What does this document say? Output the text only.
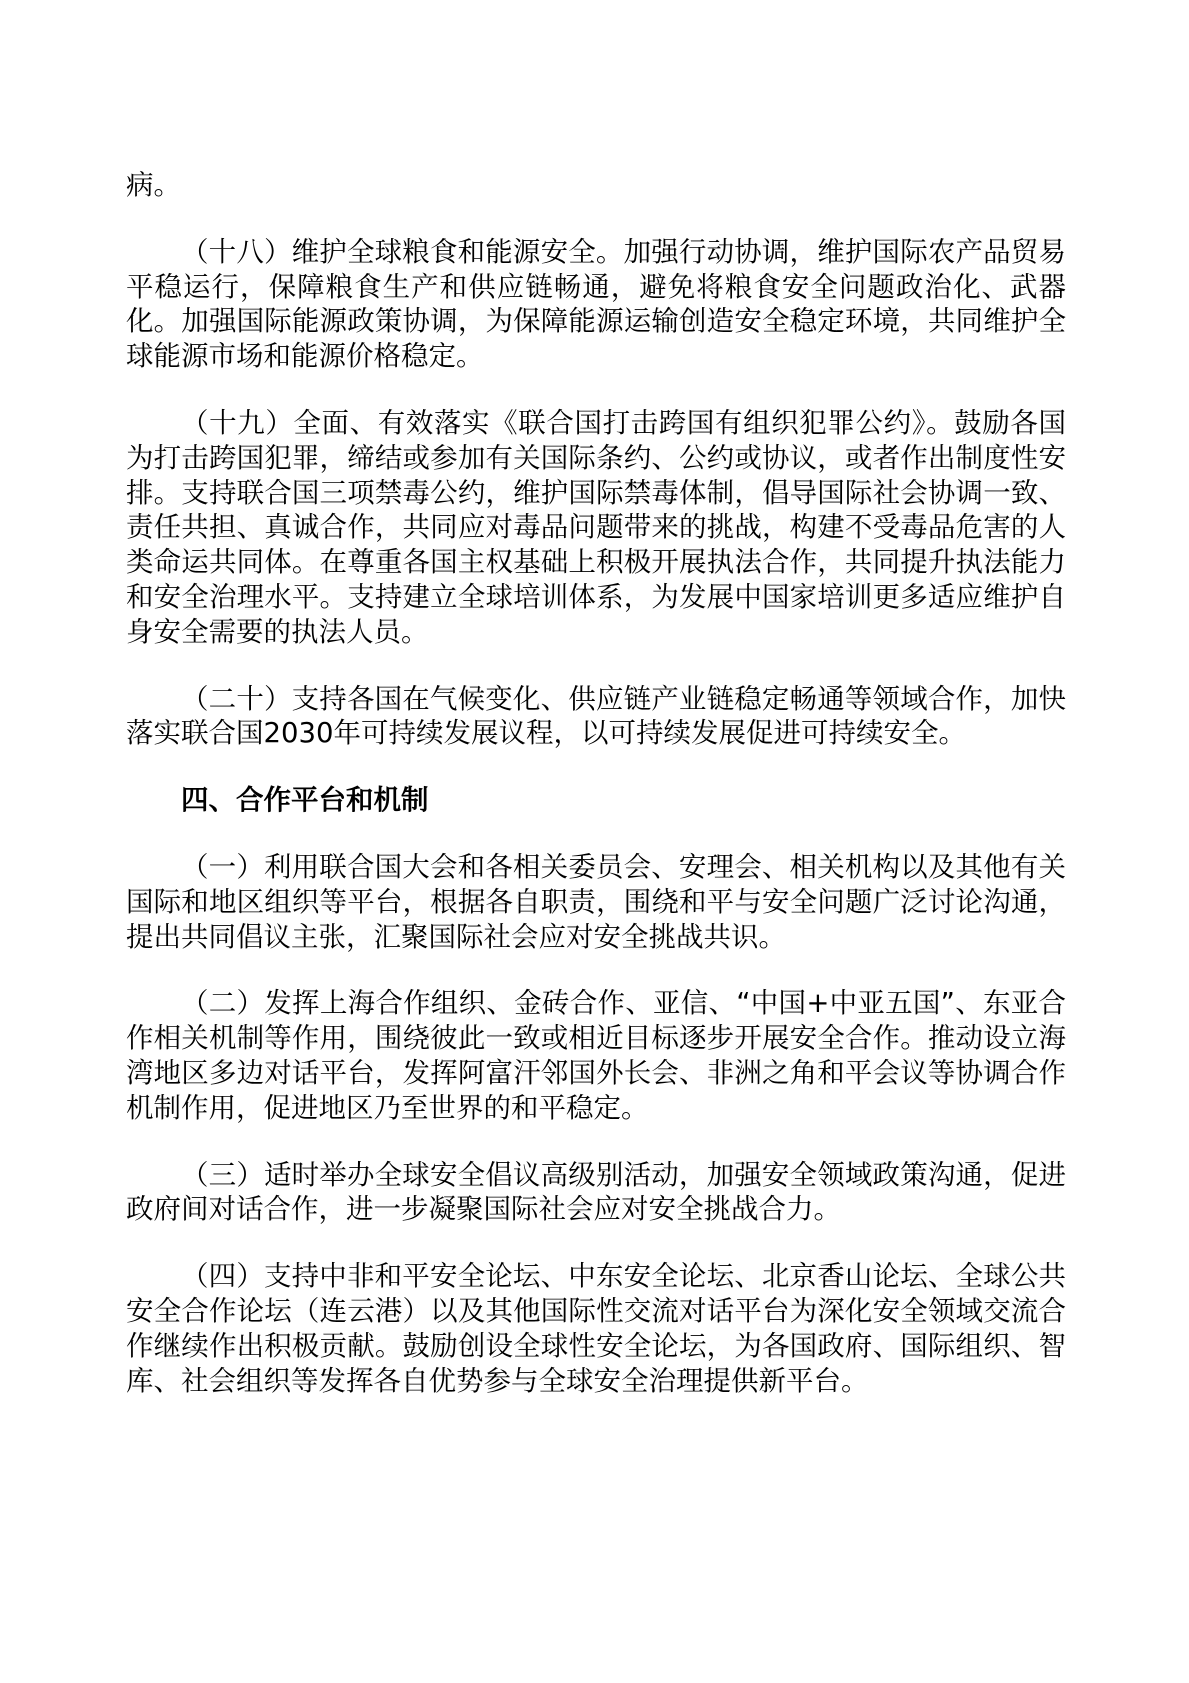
病。

（十八）维护全球粮食和能源安全。加强行动协调，维护国际农产品贸易平稳运行，保障粮食生产和供应链畅通，避免将粮食安全问题政治化、武器化。加强国际能源政策协调，为保障能源运输创造安全稳定环境，共同维护全球能源市场和能源价格稳定。

（十九）全面、有效落实《联合国打击跨国有组织犯罪公约》。鼓励各国为打击跨国犯罪，缔结或参加有关国际条约、公约或协议，或者作出制度性安排。支持联合国三项禁毒公约，维护国际禁毒体制，倡导国际社会协调一致、责任共担、真诚合作，共同应对毒品问题带来的挑战，构建不受毒品危害的人类命运共同体。在尊重各国主权基础上积极开展执法合作，共同提升执法能力和安全治理水平。支持建立全球培训体系，为发展中国家培训更多适应维护自身安全需要的执法人员。

（二十）支持各国在气候变化、供应链产业链稳定畅通等领域合作，加快落实联合国2030年可持续发展议程，以可持续发展促进可持续安全。

四、合作平台和机制

（一）利用联合国大会和各相关委员会、安理会、相关机构以及其他有关国际和地区组织等平台，根据各自职责，围绕和平与安全问题广泛讨论沟通，提出共同倡议主张，汇聚国际社会应对安全挑战共识。

（二）发挥上海合作组织、金砖合作、亚信、“中国+中亚五国”、东亚合作相关机制等作用，围绕彼此一致或相近目标逐步开展安全合作。推动设立海湾地区多边对话平台，发挥阿富汗邻国外长会、非洲之角和平会议等协调合作机制作用，促进地区乃至世界的和平稳定。

（三）适时举办全球安全倡议高级别活动，加强安全领域政策沟通，促进政府间对话合作，进一步凝聚国际社会应对安全挑战合力。

（四）支持中非和平安全论坛、中东安全论坛、北京香山论坛、全球公共安全合作论坛（连云港）以及其他国际性交流对话平台为深化安全领域交流合作继续作出积极贡献。鼓励创设全球性安全论坛，为各国政府、国际组织、智库、社会组织等发挥各自优势参与全球安全治理提供新平台。
